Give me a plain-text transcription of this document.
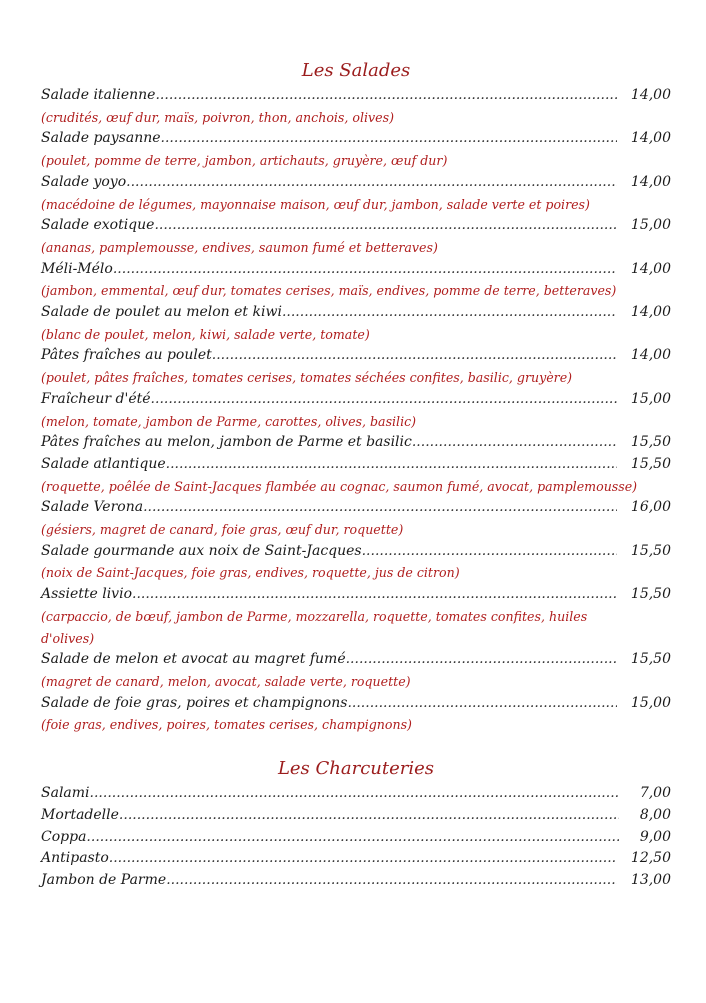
Les Salades
Salade italienne .....	14,00
(crudités, œuf dur, maïs, poivron, thon, anchois, olives)
Salade paysanne .....	14,00
(poulet, pomme de terre, jambon, artichauts, gruyère, œuf dur)
Salade yoyo .....	14,00
(macédoine de légumes, mayonnaise maison, œuf dur, jambon, salade verte et poires)
Salade exotique .....	15,00
(ananas, pamplemousse, endives, saumon fumé et betteraves)
Méli-Mélo .....	14,00
(jambon, emmental, œuf dur, tomates cerises, maïs, endives, pomme de terre, betteraves)
Salade de poulet au melon et kiwi .....	14,00
(blanc de poulet, melon, kiwi, salade verte, tomate)
Pâtes fraîches au poulet .....	14,00
(poulet, pâtes fraîches, tomates cerises, tomates séchées confites, basilic, gruyère)
Fraîcheur d'été .....	15,00
(melon, tomate, jambon de Parme, carottes, olives, basilic)
Pâtes fraîches au melon, jambon de Parme et basilic .....	15,50
Salade atlantique .....	15,50
(roquette, poêlée de Saint-Jacques flambée au cognac, saumon fumé, avocat, pamplemousse)
Salade Verona .....	16,00
(gésiers, magret de canard, foie gras, œuf dur, roquette)
Salade gourmande aux noix de Saint-Jacques .....	15,50
(noix de Saint-Jacques, foie gras, endives, roquette, jus de citron)
Assiette livio .....	15,50
(carpaccio, de bœuf, jambon de Parme, mozzarella, roquette, tomates confites, huiles d'olives)
Salade de melon et avocat au magret fumé .....	15,50
(magret de canard, melon, avocat, salade verte, roquette)
Salade de foie gras, poires et champignons .....	15,00
(foie gras, endives, poires, tomates cerises, champignons)
Les Charcuteries
Salami .....	7,00
Mortadelle .....	8,00
Coppa .....	9,00
Antipasto .....	12,50
Jambon de Parme .....	13,00
